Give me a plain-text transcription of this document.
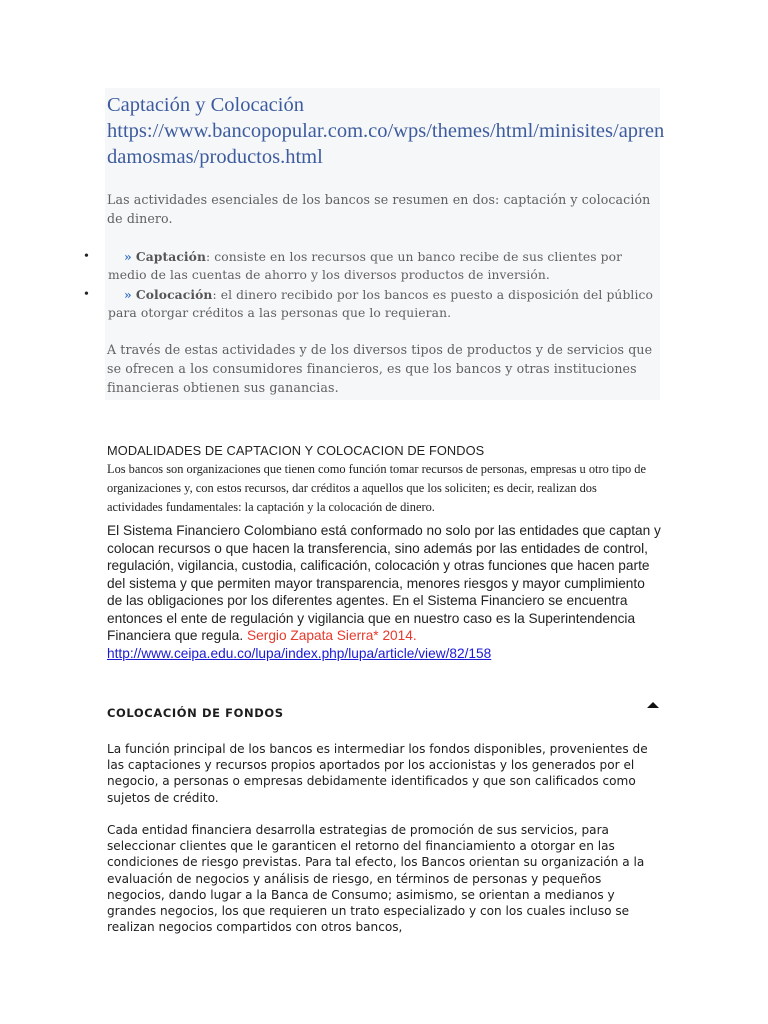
Captación y Colocación
https://www.bancopopular.com.co/wps/themes/html/minisites/aprendamosmas/productos.html
Las actividades esenciales de los bancos se resumen en dos: captación y colocación de dinero.
•	» Captación: consiste en los recursos que un banco recibe de sus clientes por medio de las cuentas de ahorro y los diversos productos de inversión.
•	» Colocación: el dinero recibido por los bancos es puesto a disposición del público para otorgar créditos a las personas que lo requieran.
A través de estas actividades y de los diversos tipos de productos y de servicios que se ofrecen a los consumidores financieros, es que los bancos y otras instituciones financieras obtienen sus ganancias.
MODALIDADES DE CAPTACION Y COLOCACION DE FONDOS
Los bancos son organizaciones que tienen como función tomar recursos de personas, empresas u otro tipo de organizaciones y, con estos recursos, dar créditos a aquellos que los soliciten; es decir, realizan dos actividades fundamentales: la captación y la colocación de dinero.
El Sistema Financiero Colombiano está conformado no solo por las entidades que captan y colocan recursos o que hacen la transferencia, sino además por las entidades de control, regulación, vigilancia, custodia, calificación, colocación y otras funciones que hacen parte del sistema y que permiten mayor transparencia, menores riesgos y mayor cumplimiento de las obligaciones por los diferentes agentes. En el Sistema Financiero se encuentra entonces el ente de regulación y vigilancia que en nuestro caso es la Superintendencia Financiera que regula. Sergio Zapata Sierra* 2014.
http://www.ceipa.edu.co/lupa/index.php/lupa/article/view/82/158
COLOCACIÓN DE FONDOS
La función principal de los bancos es intermediar los fondos disponibles, provenientes de las captaciones y recursos propios aportados por los accionistas y los generados por el negocio, a personas o empresas debidamente identificados y que son calificados como sujetos de crédito.
Cada entidad financiera desarrolla estrategias de promoción de sus servicios, para seleccionar clientes que le garanticen el retorno del financiamiento a otorgar en las condiciones de riesgo previstas. Para tal efecto, los Bancos orientan su organización a la evaluación de negocios y análisis de riesgo, en términos de personas y pequeños negocios, dando lugar a la Banca de Consumo; asimismo, se orientan a medianos y grandes negocios, los que requieren un trato especializado y con los cuales incluso se realizan negocios compartidos con otros bancos,
